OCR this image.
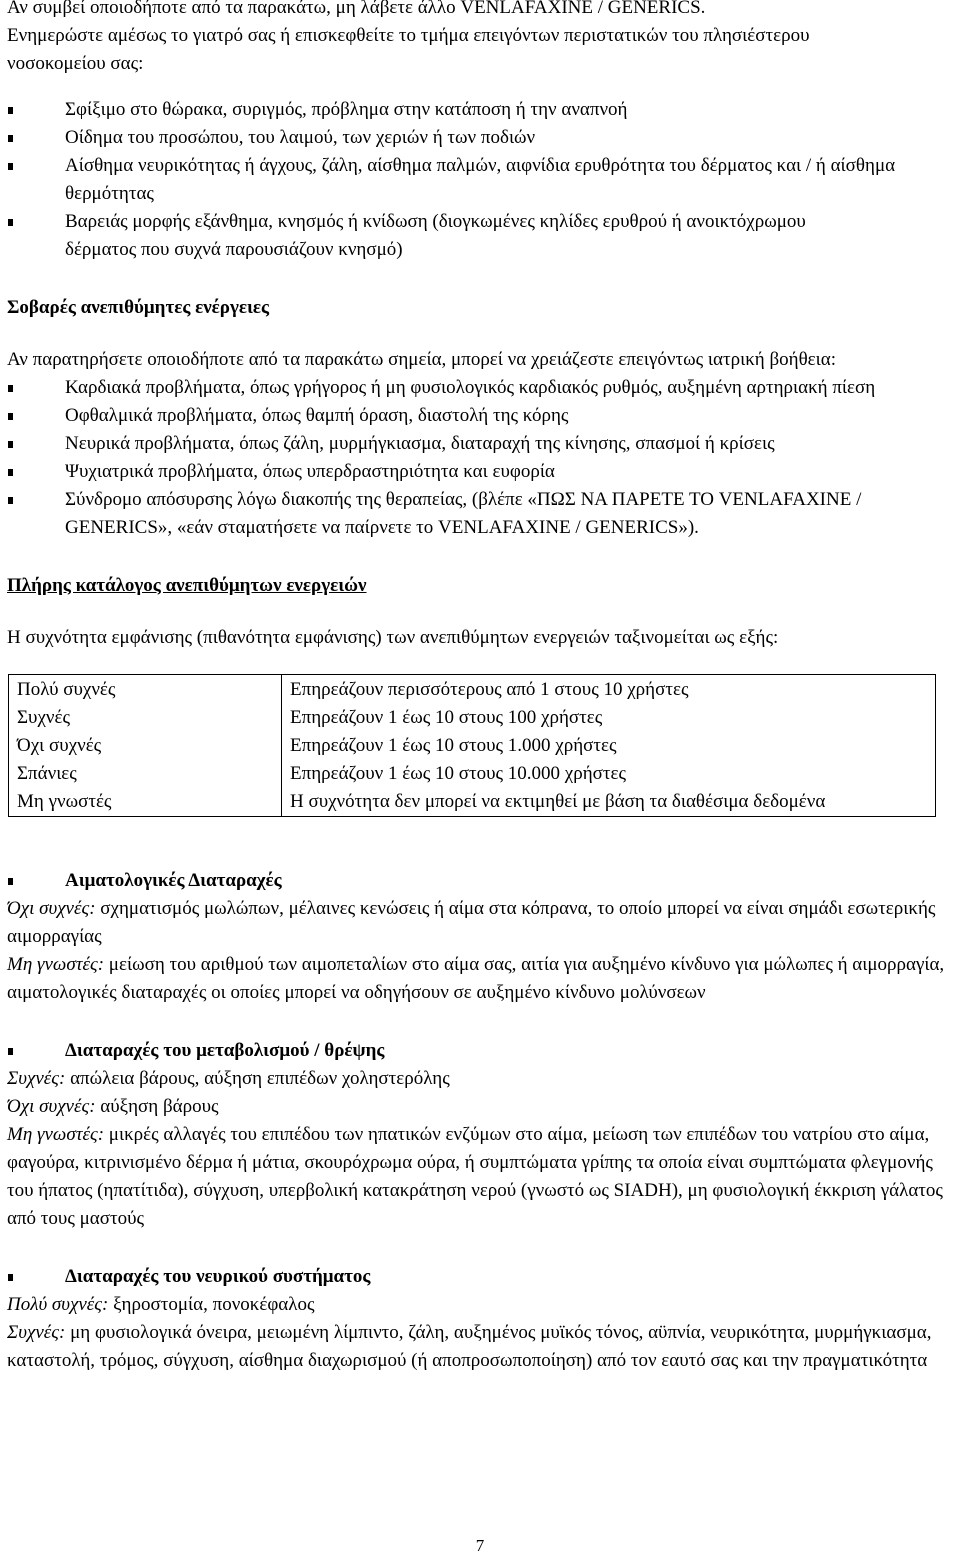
Αν συμβεί οποιοδήποτε από τα παρακάτω, μη λάβετε άλλο VENLAFAXINE / GENERICS.

Ενημερώστε αμέσως το γιατρό σας ή επισκεφθείτε το τμήμα επειγόντων περιστατικών του πλησιέστερου νοσοκομείου σας:

Σφίξιμο στο θώρακα, συριγμός, πρόβλημα στην κατάποση ή την αναπνοή
Οίδημα του προσώπου, του λαιμού, των χεριών ή των ποδιών
Αίσθημα νευρικότητας ή άγχους, ζάλη, αίσθημα παλμών, αιφνίδια ερυθρότητα του δέρματος και / ή αίσθημα θερμότητας
Βαρειάς μορφής εξάνθημα, κνησμός ή κνίδωση (διογκωμένες κηλίδες ερυθρού ή ανοικτόχρωμου δέρματος που συχνά παρουσιάζουν κνησμό)

Σοβαρές ανεπιθύμητες ενέργειες

Αν παρατηρήσετε οποιοδήποτε από τα παρακάτω σημεία, μπορεί να χρειάζεστε επειγόντως ιατρική βοήθεια:

Καρδιακά προβλήματα, όπως γρήγορος ή μη φυσιολογικός καρδιακός ρυθμός, αυξημένη αρτηριακή πίεση
Οφθαλμικά προβλήματα, όπως θαμπή όραση, διαστολή της κόρης
Νευρικά προβλήματα, όπως ζάλη, μυρμήγκιασμα, διαταραχή της κίνησης, σπασμοί ή κρίσεις
Ψυχιατρικά προβλήματα, όπως υπερδραστηριότητα και ευφορία
Σύνδρομο απόσυρσης λόγω διακοπής της θεραπείας, (βλέπε «ΠΩΣ ΝΑ ΠΑΡΕΤΕ ΤΟ VENLAFAXINE / GENERICS», «εάν σταματήσετε να παίρνετε το VENLAFAXINE / GENERICS»).

Πλήρης κατάλογος ανεπιθύμητων ενεργειών

Η συχνότητα εμφάνισης (πιθανότητα εμφάνισης) των ανεπιθύμητων ενεργειών ταξινομείται ως εξής:

Πολύ συχνές	Επηρεάζουν περισσότερους από 1 στους 10 χρήστες
Συχνές	Επηρεάζουν 1 έως 10 στους 100 χρήστες
Όχι συχνές	Επηρεάζουν 1 έως 10 στους 1.000 χρήστες
Σπάνιες	Επηρεάζουν 1 έως 10 στους 10.000 χρήστες
Μη γνωστές	Η συχνότητα δεν μπορεί να εκτιμηθεί με βάση τα διαθέσιμα δεδομένα

Αιματολογικές Διαταραχές

Όχι συχνές: σχηματισμός μωλώπων, μέλαινες κενώσεις ή αίμα στα κόπρανα, το οποίο μπορεί να είναι σημάδι εσωτερικής αιμορραγίας

Μη γνωστές: μείωση του αριθμού των αιμοπεταλίων στο αίμα σας, αιτία για αυξημένο κίνδυνο για μώλωπες ή αιμορραγία, αιματολογικές διαταραχές οι οποίες μπορεί να οδηγήσουν σε αυξημένο κίνδυνο μολύνσεων

Διαταραχές του μεταβολισμού / θρέψης

Συχνές: απώλεια βάρους, αύξηση επιπέδων χοληστερόλης

Όχι συχνές: αύξηση βάρους

Μη γνωστές: μικρές αλλαγές του επιπέδου των ηπατικών ενζύμων στο αίμα, μείωση των επιπέδων του νατρίου στο αίμα, φαγούρα, κιτρινισμένο δέρμα ή μάτια, σκουρόχρωμα ούρα, ή συμπτώματα γρίπης τα οποία είναι συμπτώματα φλεγμονής του ήπατος (ηπατίτιδα), σύγχυση, υπερβολική κατακράτηση νερού (γνωστό ως SIADH), μη φυσιολογική έκκριση γάλατος από τους μαστούς

Διαταραχές του νευρικού συστήματος

Πολύ συχνές: ξηροστομία, πονοκέφαλος

Συχνές: μη φυσιολογικά όνειρα, μειωμένη λίμπιντο, ζάλη, αυξημένος μυϊκός τόνος, αϋπνία, νευρικότητα, μυρμήγκιασμα, καταστολή, τρόμος, σύγχυση, αίσθημα διαχωρισμού (ή αποπροσωποποίηση) από τον εαυτό σας και την πραγματικότητα

7
